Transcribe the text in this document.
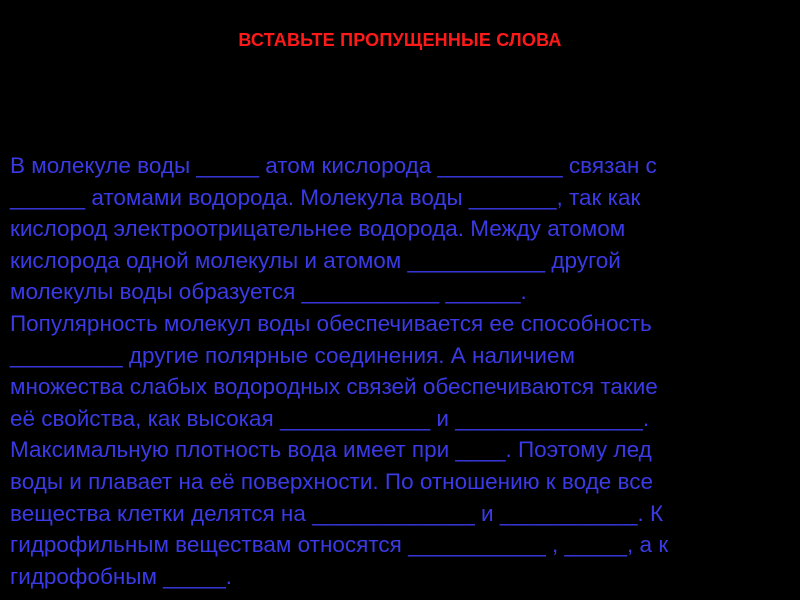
ВСТАВЬТЕ ПРОПУЩЕННЫЕ СЛОВА
В молекуле воды _____ атом кислорода __________ связан с
______ атомами водорода. Молекула воды _______, так как
кислород электроотрицательнее водорода. Между атомом
кислорода одной молекулы и атомом ___________ другой
молекулы воды образуется ___________ ______.
Популярность молекул воды обеспечивается ее способность
_________ другие полярные соединения. А наличием
множества слабых водородных связей обеспечиваются такие
её свойства, как высокая ____________ и _______________.
Максимальную плотность вода имеет при ____. Поэтому лед
воды и плавает на её поверхности. По отношению к воде все
вещества клетки делятся на _____________ и ___________. К
гидрофильным веществам относятся ___________ , _____, а к
гидрофобным _____.
